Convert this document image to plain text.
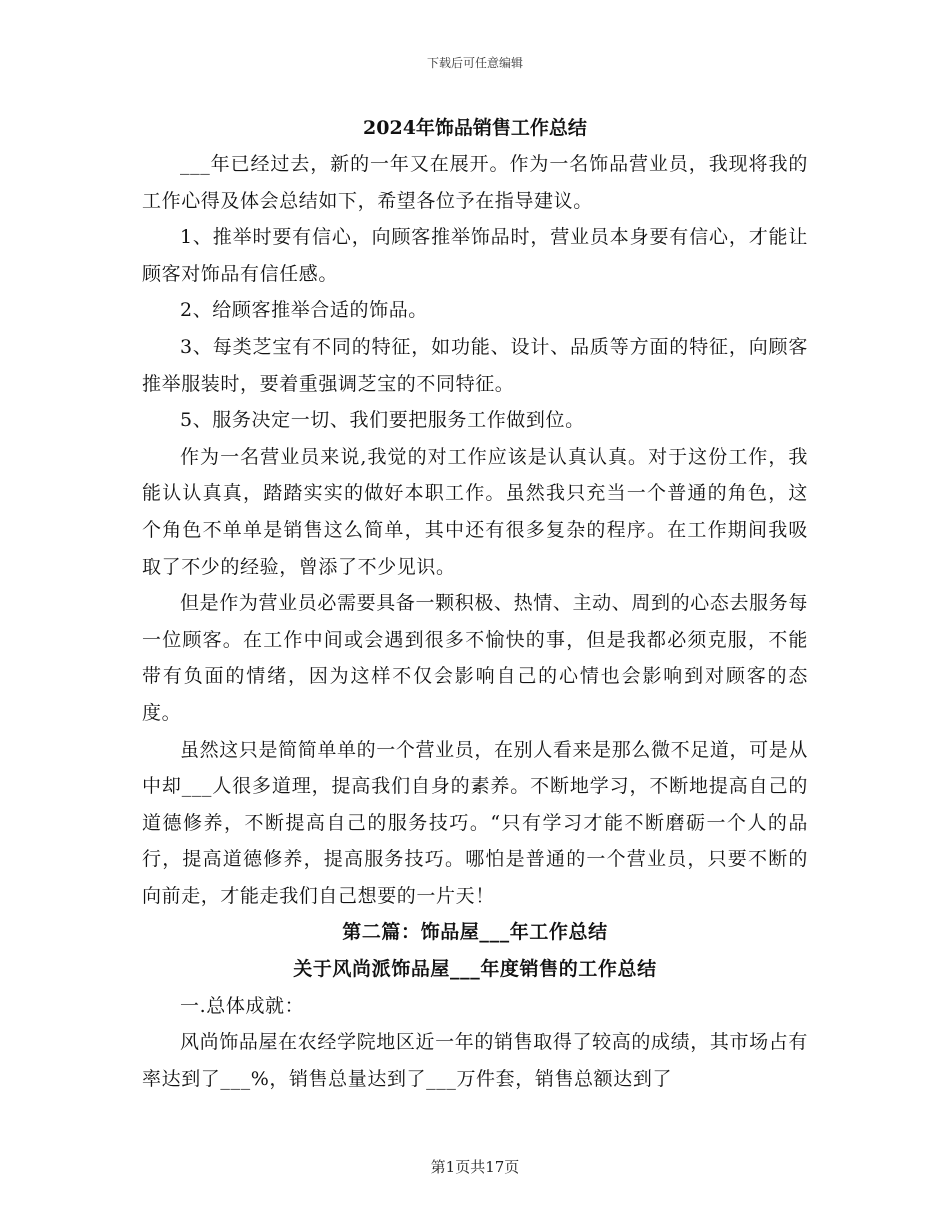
下载后可任意编辑
2024年饰品销售工作总结

___年已经过去，新的一年又在展开。作为一名饰品营业员，我现将我的工作心得及体会总结如下，希望各位予在指导建议。

1、推举时要有信心，向顾客推举饰品时，营业员本身要有信心，才能让顾客对饰品有信任感。

2、给顾客推举合适的饰品。

3、每类芝宝有不同的特征，如功能、设计、品质等方面的特征，向顾客推举服装时，要着重强调芝宝的不同特征。

5、服务决定一切、我们要把服务工作做到位。

作为一名营业员来说,我觉的对工作应该是认真认真。对于这份工作，我能认认真真，踏踏实实的做好本职工作。虽然我只充当一个普通的角色，这个角色不单单是销售这么简单，其中还有很多复杂的程序。在工作期间我吸取了不少的经验，曾添了不少见识。

但是作为营业员必需要具备一颗积极、热情、主动、周到的心态去服务每一位顾客。在工作中间或会遇到很多不愉快的事，但是我都必须克服，不能带有负面的情绪，因为这样不仅会影响自己的心情也会影响到对顾客的态度。

虽然这只是简简单单的一个营业员，在别人看来是那么微不足道，可是从中却___人很多道理，提高我们自身的素养。不断地学习，不断地提高自己的道德修养，不断提高自己的服务技巧。“只有学习才能不断磨砺一个人的品行，提高道德修养，提高服务技巧。哪怕是普通的一个营业员，只要不断的向前走，才能走我们自己想要的一片天！

第二篇：饰品屋___年工作总结
关于风尚派饰品屋___年度销售的工作总结

一.总体成就：

风尚饰品屋在农经学院地区近一年的销售取得了较高的成绩，其市场占有率达到了___%，销售总量达到了___万件套，销售总额达到了

第1页共17页
